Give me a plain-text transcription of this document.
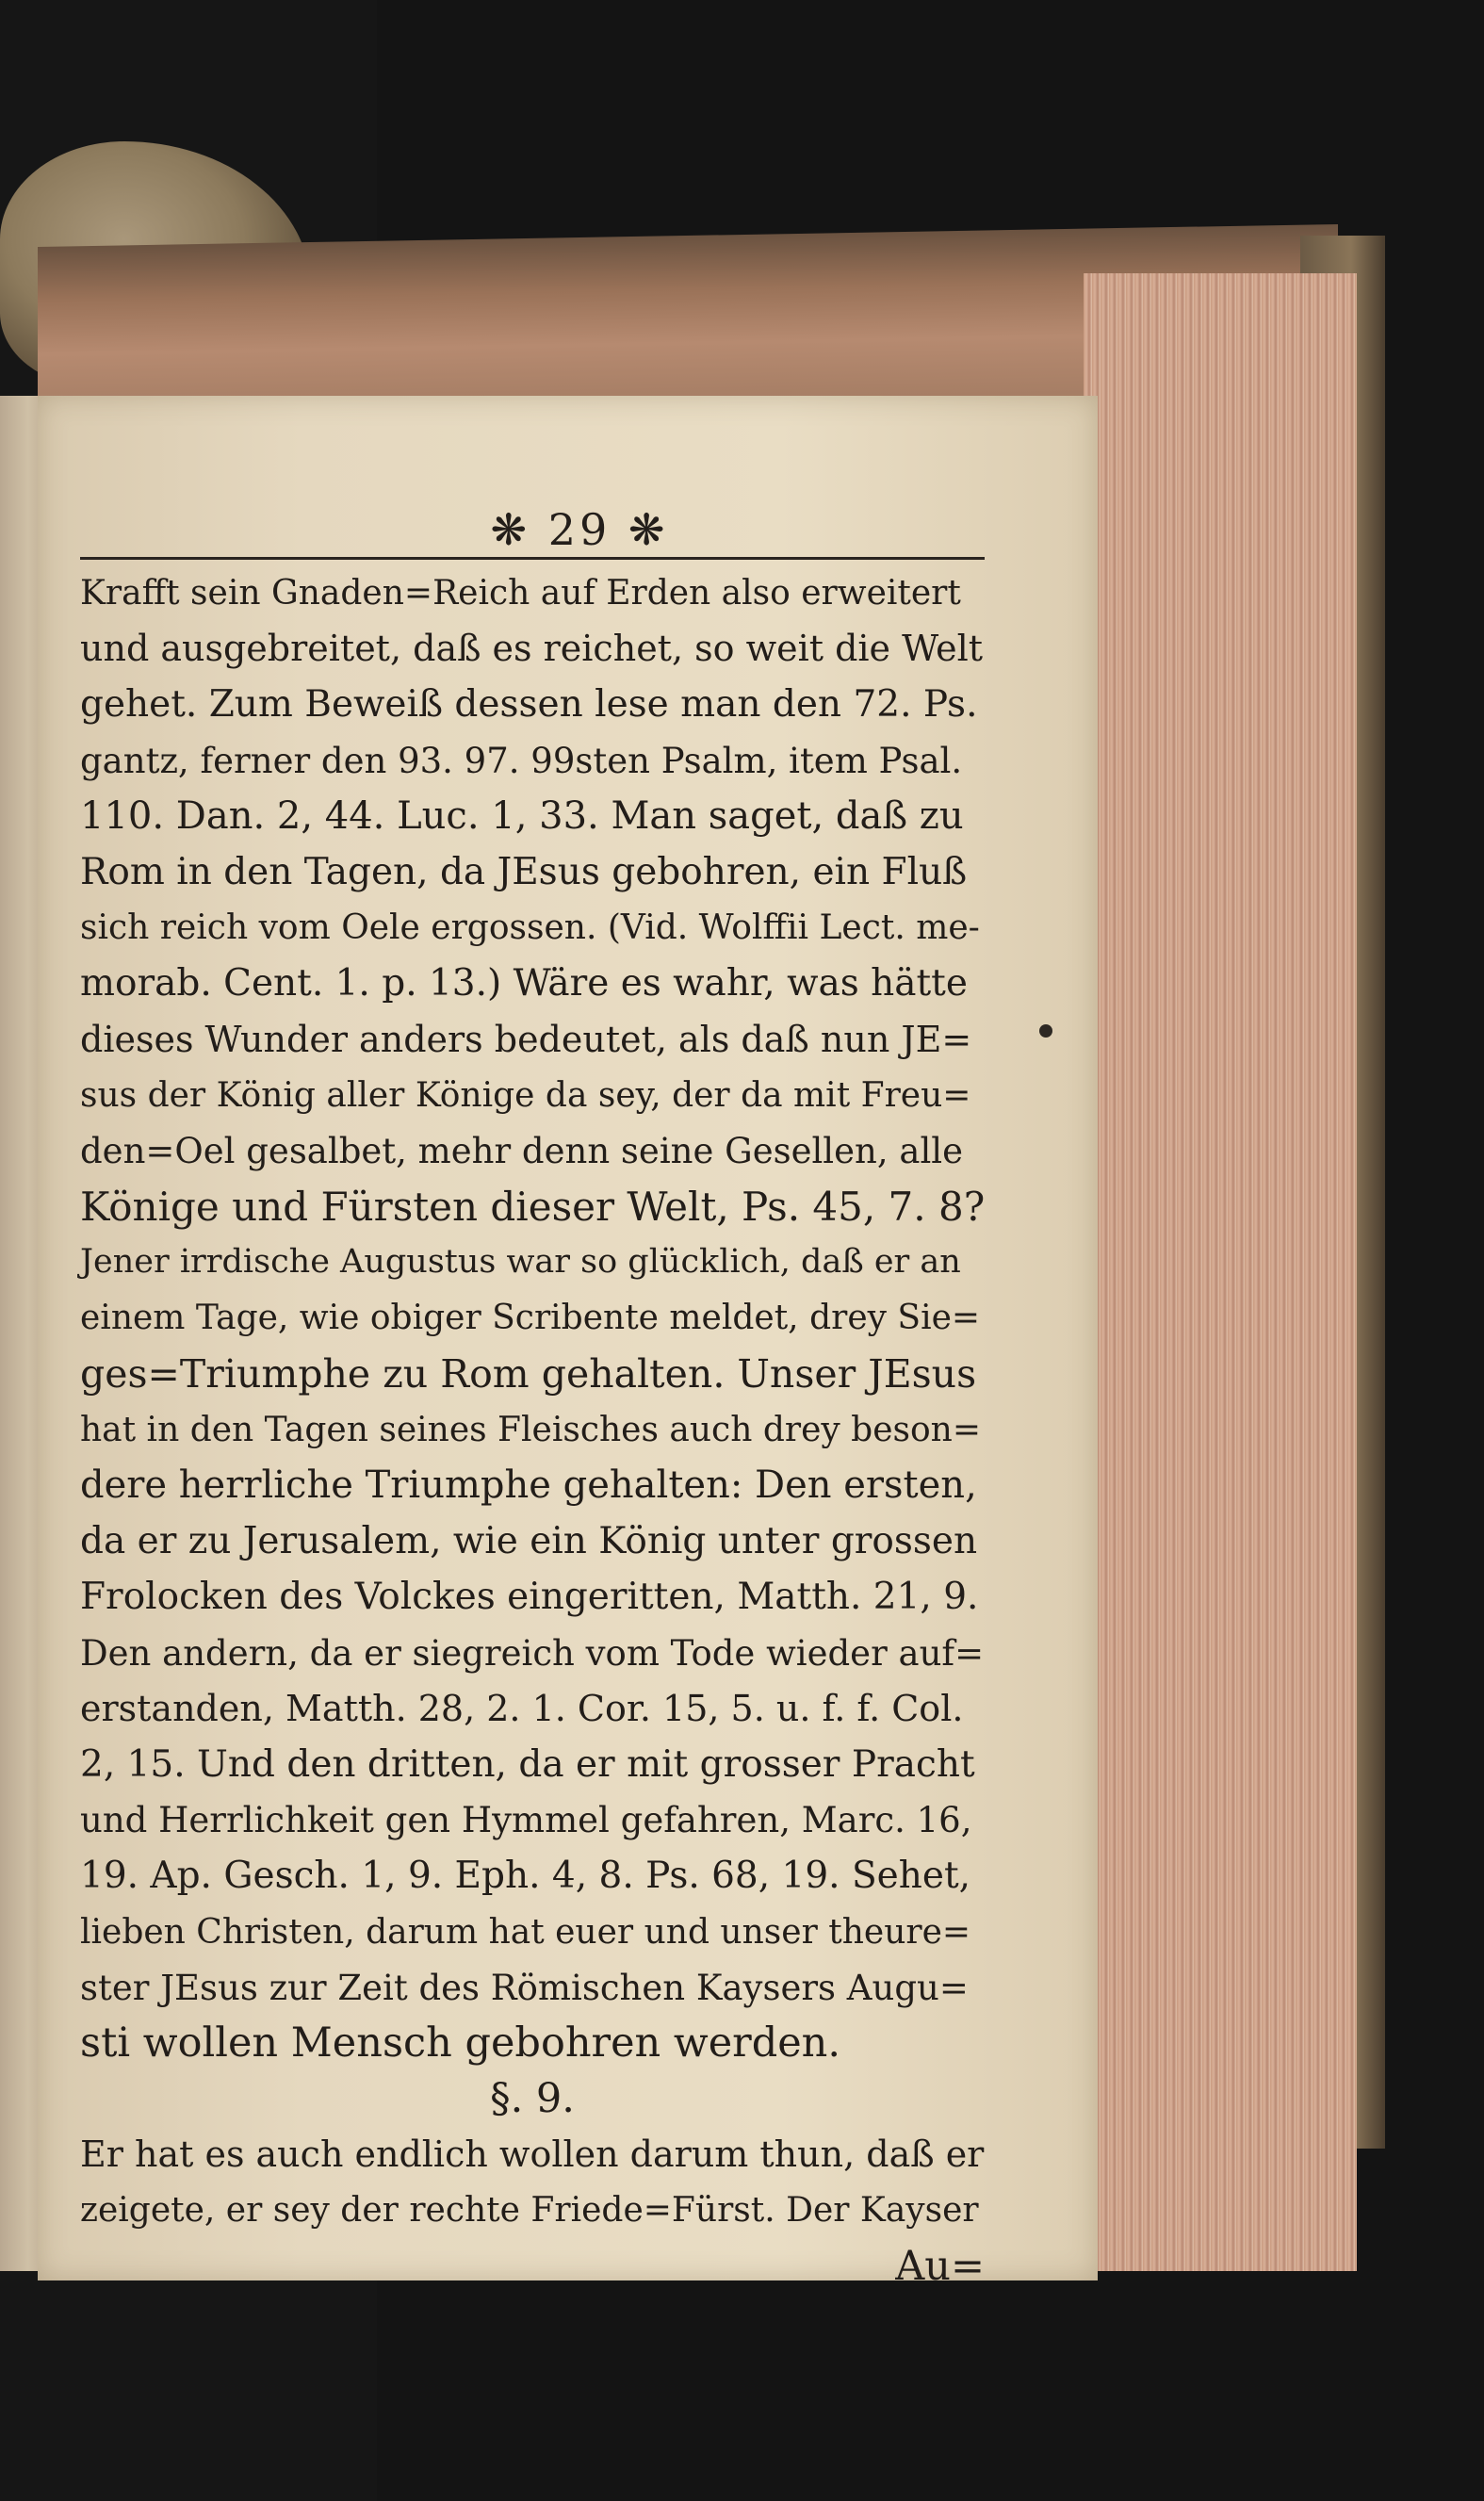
❋ 29 ❋
Krafft sein Gnaden=Reich auf Erden also erweitert
und ausgebreitet, daß es reichet, so weit die Welt
gehet. Zum Beweiß dessen lese man den 72. Ps.
gantz, ferner den 93. 97. 99sten Psalm, item Psal.
110. Dan. 2, 44. Luc. 1, 33. Man saget, daß zu
Rom in den Tagen, da JEsus gebohren, ein Fluß
sich reich vom Oele ergossen. (Vid. Wolffii Lect. me-
morab. Cent. 1. p. 13.) Wäre es wahr, was hätte
dieses Wunder anders bedeutet, als daß nun JE=
sus der König aller Könige da sey, der da mit Freu=
den=Oel gesalbet, mehr denn seine Gesellen, alle
Könige und Fürsten dieser Welt, Ps. 45, 7. 8?
Jener irrdische Augustus war so glücklich, daß er an
einem Tage, wie obiger Scribente meldet, drey Sie=
ges=Triumphe zu Rom gehalten. Unser JEsus
hat in den Tagen seines Fleisches auch drey beson=
dere herrliche Triumphe gehalten: Den ersten,
da er zu Jerusalem, wie ein König unter grossen
Frolocken des Volckes eingeritten, Matth. 21, 9.
Den andern, da er siegreich vom Tode wieder auf=
erstanden, Matth. 28, 2. 1. Cor. 15, 5. u. f. f. Col.
2, 15. Und den dritten, da er mit grosser Pracht
und Herrlichkeit gen Hymmel gefahren, Marc. 16,
19. Ap. Gesch. 1, 9. Eph. 4, 8. Ps. 68, 19. Sehet,
lieben Christen, darum hat euer und unser theure=
ster JEsus zur Zeit des Römischen Kaysers Augu=
sti wollen Mensch gebohren werden.
§. 9.
Er hat es auch endlich wollen darum thun, daß er
zeigete, er sey der rechte Friede=Fürst. Der Kayser
Au=
